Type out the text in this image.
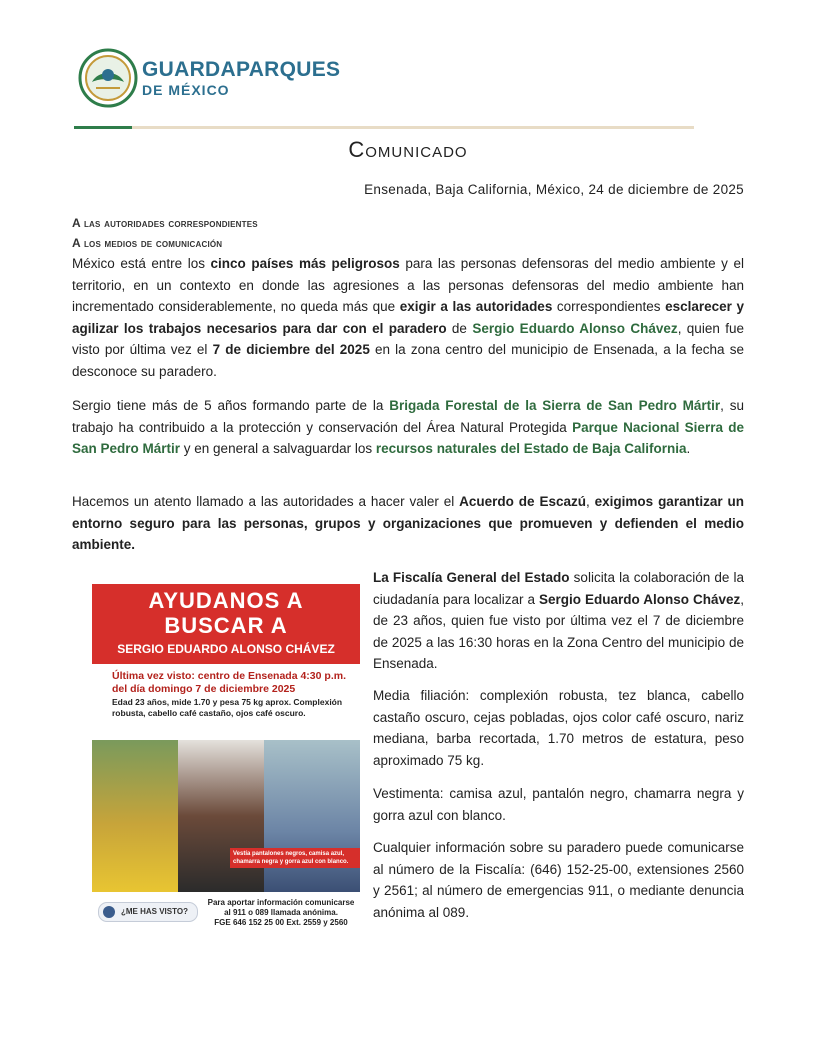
GUARDAPARQUES
DE MÉXICO
Comunicado
Ensenada, Baja California, México, 24 de diciembre de 2025
A las autoridades correspondientes
A los medios de comunicación

México está entre los cinco países más peligrosos para las personas defensoras del medio ambiente y el territorio, en un contexto en donde las agresiones a las personas defensoras del medio ambiente han incrementado considerablemente, no queda más que exigir a las autoridades correspondientes esclarecer y agilizar los trabajos necesarios para dar con el paradero de Sergio Eduardo Alonso Chávez, quien fue visto por última vez el 7 de diciembre del 2025 en la zona centro del municipio de Ensenada, a la fecha se desconoce su paradero.

Sergio tiene más de 5 años formando parte de la Brigada Forestal de la Sierra de San Pedro Mártir, su trabajo ha contribuido a la protección y conservación del Área Natural Protegida Parque Nacional Sierra de San Pedro Mártir y en general a salvaguardar los recursos naturales del Estado de Baja California.

Hacemos un atento llamado a las autoridades a hacer valer el Acuerdo de Escazú, exigimos garantizar un entorno seguro para las personas, grupos y organizaciones que promueven y defienden el medio ambiente.

AYUDANOS A
BUSCAR A
SERGIO EDUARDO ALONSO CHÁVEZ
Última vez visto: centro de Ensenada 4:30 p.m.
del día domingo 7 de diciembre 2025
Edad 23 años, mide 1.70 y pesa 75 kg aprox. Complexión robusta, cabello café castaño, ojos café oscuro.
Vestía pantalones negros, camisa azul, chamarra negra y gorra azul con blanco.
¿ME HAS VISTO?
Para aportar información comunicarse
al 911 o 089 llamada anónima.
FGE 646 152 25 00 Ext. 2559 y 2560

La Fiscalía General del Estado solicita la colaboración de la ciudadanía para localizar a Sergio Eduardo Alonso Chávez, de 23 años, quien fue visto por última vez el 7 de diciembre de 2025 a las 16:30 horas en la Zona Centro del municipio de Ensenada.

Media filiación: complexión robusta, tez blanca, cabello castaño oscuro, cejas pobladas, ojos color café oscuro, nariz mediana, barba recortada, 1.70 metros de estatura, peso aproximado 75 kg.

Vestimenta: camisa azul, pantalón negro, chamarra negra y gorra azul con blanco.

Cualquier información sobre su paradero puede comunicarse al número de la Fiscalía: (646) 152-25-00, extensiones 2560 y 2561; al número de emergencias 911, o mediante denuncia anónima al 089.
